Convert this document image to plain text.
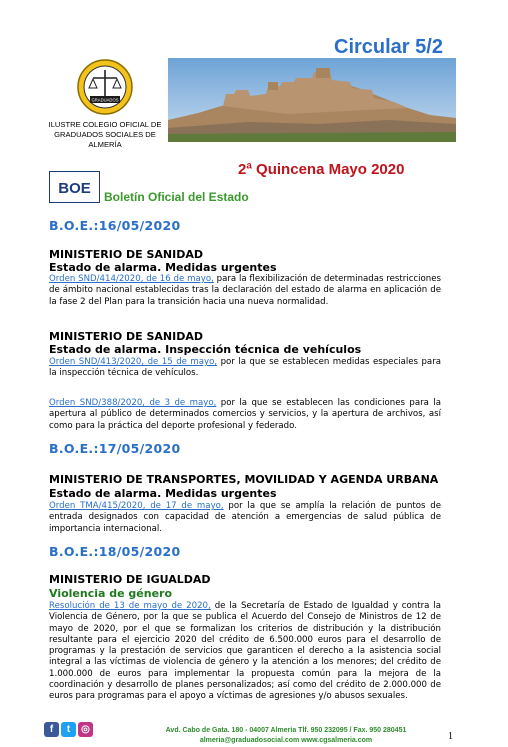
Circular 5/2
GRADUADOS
ILUSTRE COLEGIO OFICIAL DE GRADUADOS SOCIALES DE ALMERÍA
2ª Quincena Mayo 2020
BOE Boletín Oficial del Estado
B.O.E.:16/05/2020
MINISTERIO DE SANIDAD
Estado de alarma. Medidas urgentes
Orden SND/414/2020, de 16 de mayo, para la flexibilización de determinadas restricciones de ámbito nacional establecidas tras la declaración del estado de alarma en aplicación de la fase 2 del Plan para la transición hacia una nueva normalidad.
MINISTERIO DE SANIDAD
Estado de alarma. Inspección técnica de vehículos
Orden SND/413/2020, de 15 de mayo, por la que se establecen medidas especiales para la inspección técnica de vehículos.
Orden SND/388/2020, de 3 de mayo, por la que se establecen las condiciones para la apertura al público de determinados comercios y servicios, y la apertura de archivos, así como para la práctica del deporte profesional y federado.
B.O.E.:17/05/2020
MINISTERIO DE TRANSPORTES, MOVILIDAD Y AGENDA URBANA
Estado de alarma. Medidas urgentes
Orden TMA/415/2020, de 17 de mayo, por la que se amplía la relación de puntos de entrada designados con capacidad de atención a emergencias de salud pública de importancia internacional.
B.O.E.:18/05/2020
MINISTERIO DE IGUALDAD
Violencia de género
Resolución de 13 de mayo de 2020, de la Secretaría de Estado de Igualdad y contra la Violencia de Género, por la que se publica el Acuerdo del Consejo de Ministros de 12 de mayo de 2020, por el que se formalizan los criterios de distribución y la distribución resultante para el ejercicio 2020 del crédito de 6.500.000 euros para el desarrollo de programas y la prestación de servicios que garanticen el derecho a la asistencia social integral a las víctimas de violencia de género y la atención a los menores; del crédito de 1.000.000 de euros para implementar la propuesta común para la mejora de la coordinación y desarrollo de planes personalizados; así como del crédito de 2.000.000 de euros para programas para el apoyo a víctimas de agresiones y/o abusos sexuales.
f	t	◎	Avd. Cabo de Gata. 180 - 04007 Almería Tlf. 950 232095 / Fax. 950 280451
almeria@graduadosocial.com www.cgsalmeria.com	1
